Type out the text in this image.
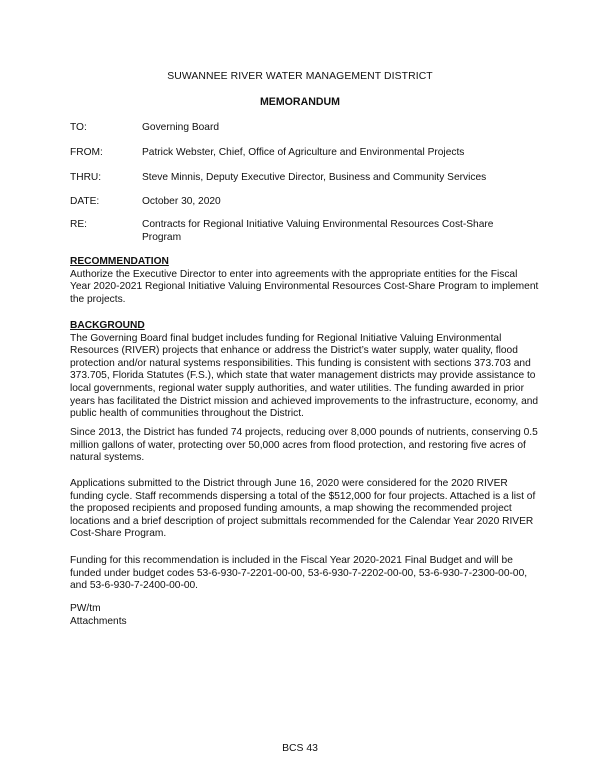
SUWANNEE RIVER WATER MANAGEMENT DISTRICT
MEMORANDUM
TO:	Governing Board
FROM:	Patrick Webster, Chief, Office of Agriculture and Environmental Projects
THRU:	Steve Minnis, Deputy Executive Director, Business and Community Services
DATE:	October 30, 2020
RE:	Contracts for Regional Initiative Valuing Environmental Resources Cost-Share Program
RECOMMENDATION

Authorize the Executive Director to enter into agreements with the appropriate entities for the Fiscal Year 2020-2021 Regional Initiative Valuing Environmental Resources Cost-Share Program to implement the projects.

BACKGROUND

The Governing Board final budget includes funding for Regional Initiative Valuing Environmental Resources (RIVER) projects that enhance or address the District’s water supply, water quality, flood protection and/or natural systems responsibilities. This funding is consistent with sections 373.703 and 373.705, Florida Statutes (F.S.), which state that water management districts may provide assistance to local governments, regional water supply authorities, and water utilities. The funding awarded in prior years has facilitated the District mission and achieved improvements to the infrastructure, economy, and public health of communities throughout the District.

Since 2013, the District has funded 74 projects, reducing over 8,000 pounds of nutrients, conserving 0.5 million gallons of water, protecting over 50,000 acres from flood protection, and restoring five acres of natural systems.

Applications submitted to the District through June 16, 2020 were considered for the 2020 RIVER funding cycle. Staff recommends dispersing a total of the $512,000 for four projects. Attached is a list of the proposed recipients and proposed funding amounts, a map showing the recommended project locations and a brief description of project submittals recommended for the Calendar Year 2020 RIVER Cost-Share Program.

Funding for this recommendation is included in the Fiscal Year 2020-2021 Final Budget and will be funded under budget codes 53-6-930-7-2201-00-00, 53-6-930-7-2202-00-00, 53-6-930-7-2300-00-00, and 53-6-930-7-2400-00-00.

PW/tm
Attachments
BCS 43
